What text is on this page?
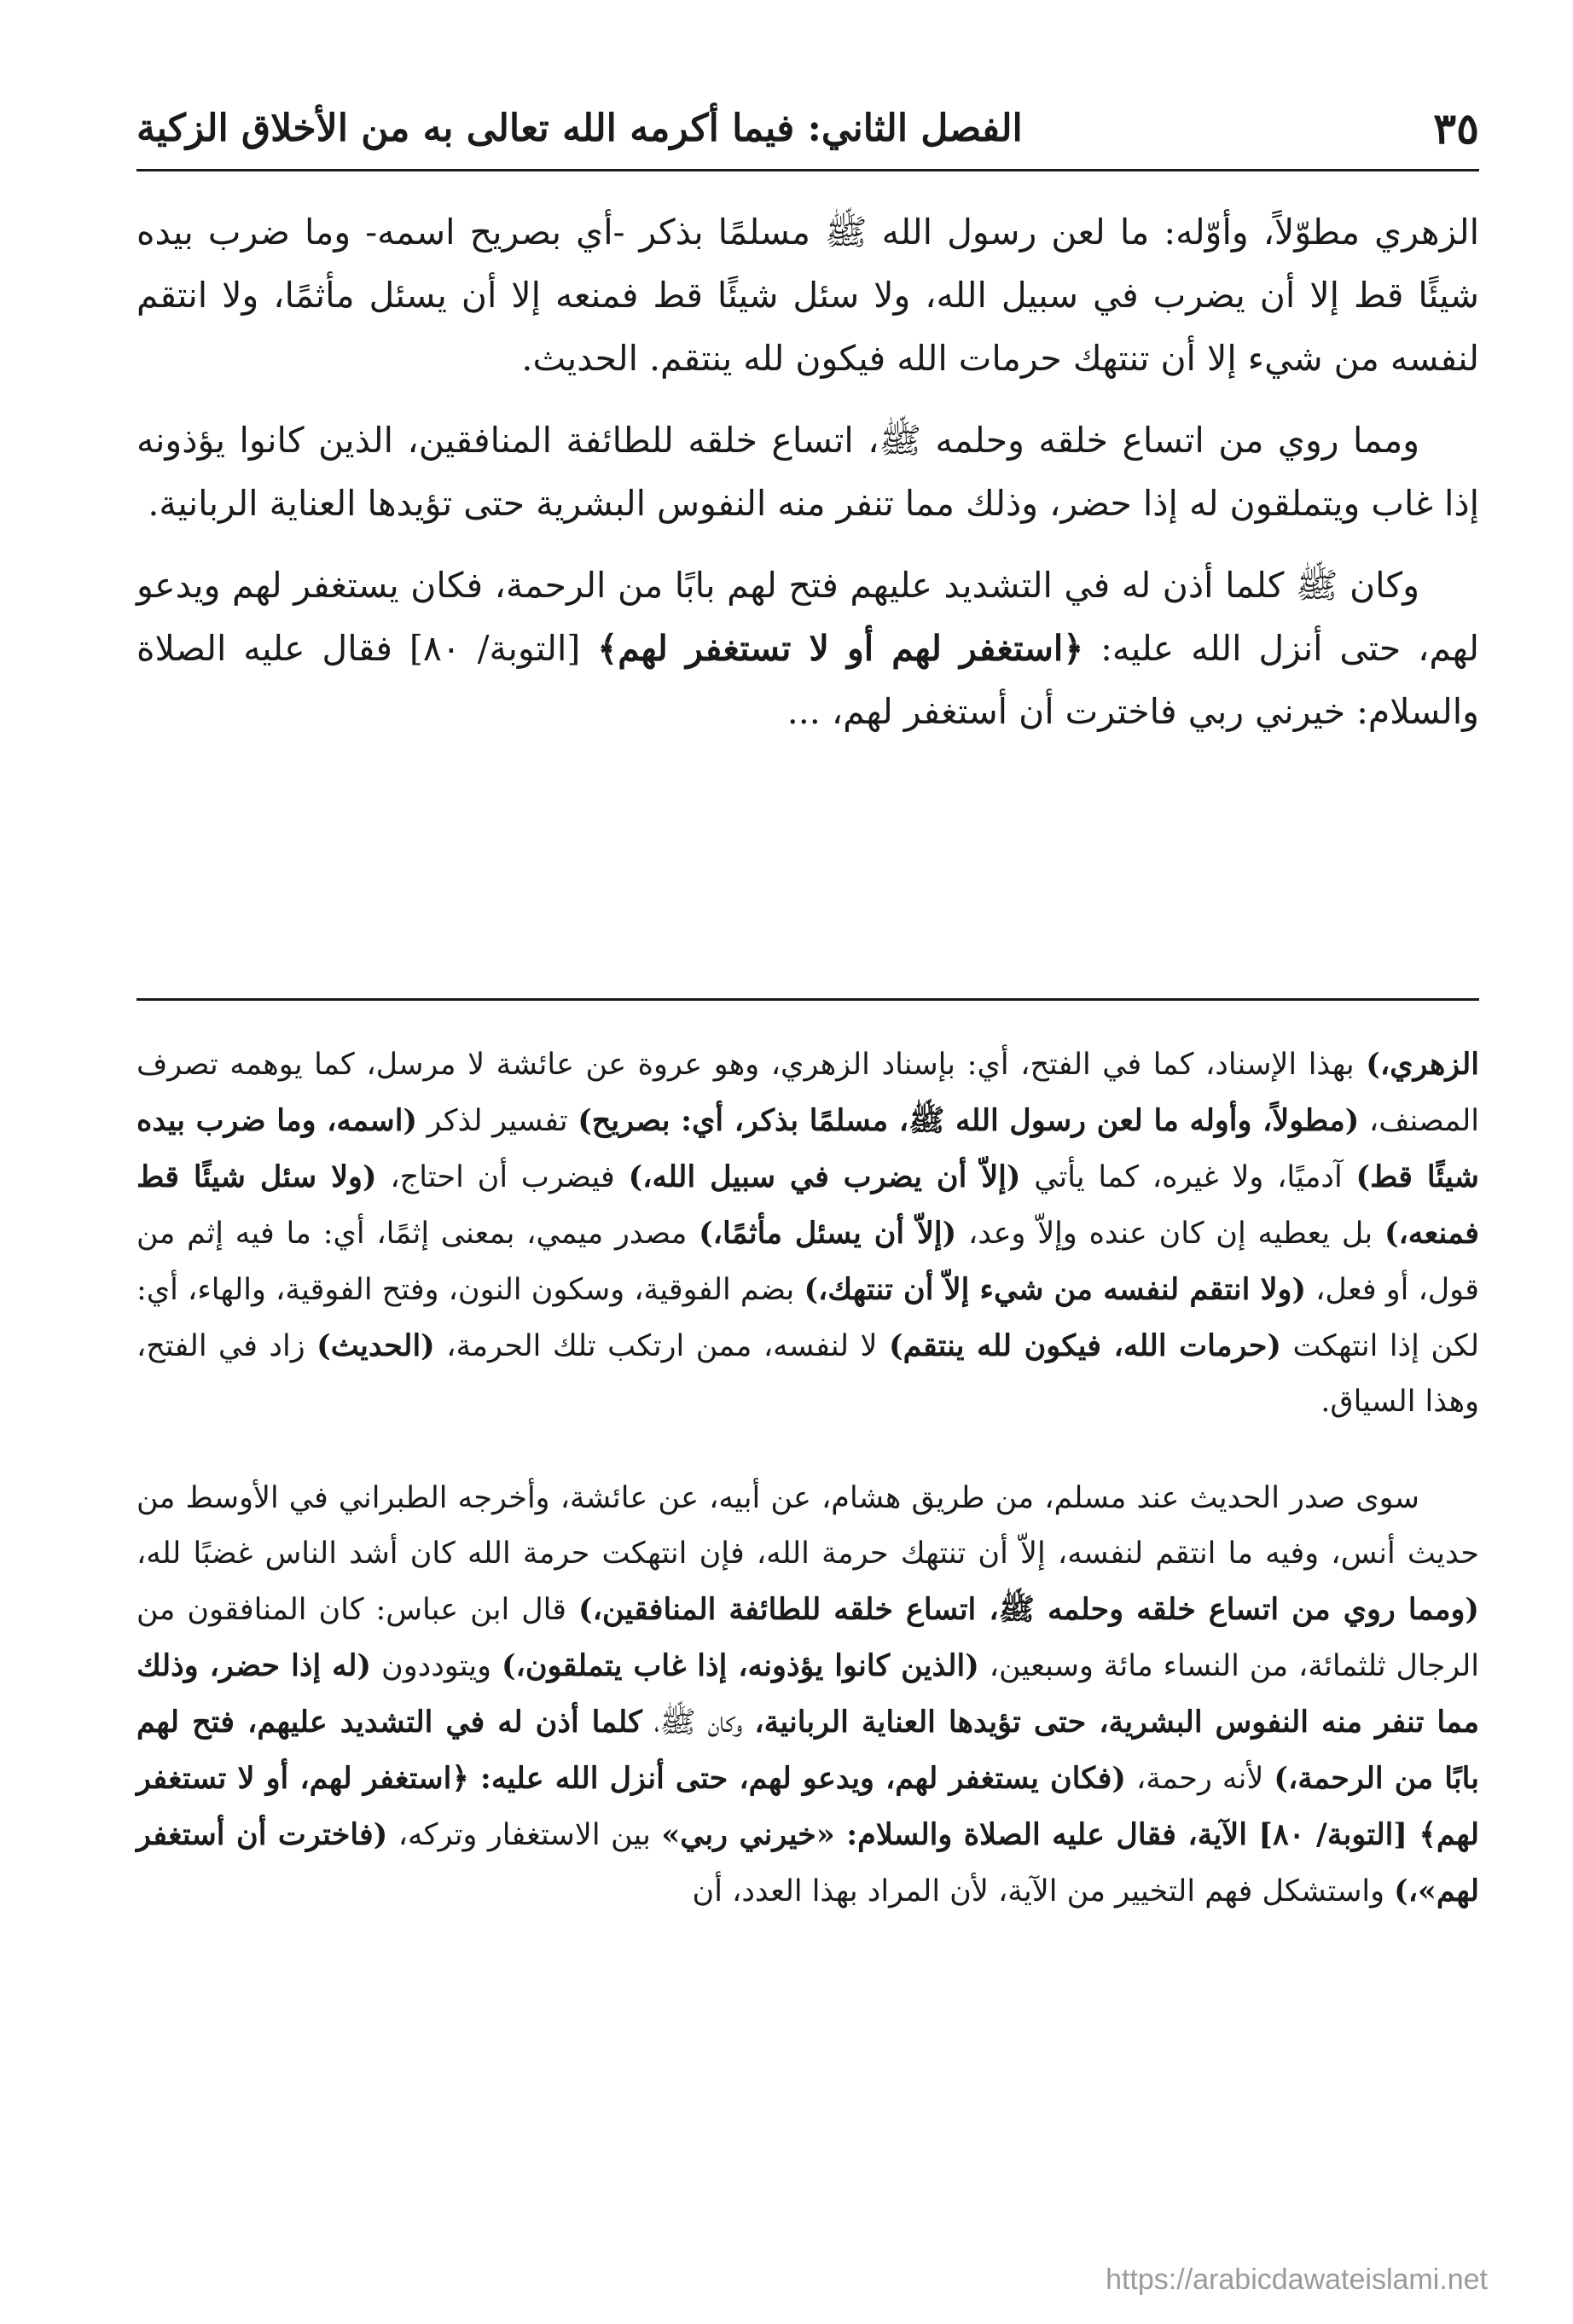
الفصل الثاني: فيما أكرمه الله تعالى به من الأخلاق الزكية	٣٥

الزهري مطوّلاً، وأوّله: ما لعن رسول الله ﷺ مسلمًا بذكر -أي بصريح اسمه- وما ضرب بيده شيئًا قط إلا أن يضرب في سبيل الله، ولا سئل شيئًا قط فمنعه إلا أن يسئل مأثمًا، ولا انتقم لنفسه من شيء إلا أن تنتهك حرمات الله فيكون لله ينتقم. الحديث.

ومما روي من اتساع خلقه وحلمه ﷺ، اتساع خلقه للطائفة المنافقين، الذين كانوا يؤذونه إذا غاب ويتملقون له إذا حضر، وذلك مما تنفر منه النفوس البشرية حتى تؤيدها العناية الربانية.

وكان ﷺ كلما أذن له في التشديد عليهم فتح لهم بابًا من الرحمة، فكان يستغفر لهم ويدعو لهم، حتى أنزل الله عليه: ﴿استغفر لهم أو لا تستغفر لهم﴾ [التوبة/ ٨٠] فقال عليه الصلاة والسلام: خيرني ربي فاخترت أن أستغفر لهم، ...

الزهري،) بهذا الإسناد، كما في الفتح، أي: بإسناد الزهري، وهو عروة عن عائشة لا مرسل، كما يوهمه تصرف المصنف، (مطولاً، وأوله ما لعن رسول الله ﷺ، مسلمًا بذكر، أي: بصريح) تفسير لذكر (اسمه، وما ضرب بيده شيئًا قط) آدميًا، ولا غيره، كما يأتي (إلاّ أن يضرب في سبيل الله،) فيضرب أن احتاج، (ولا سئل شيئًا قط فمنعه،) بل يعطيه إن كان عنده وإلاّ وعد، (إلاّ أن يسئل مأثمًا،) مصدر ميمي، بمعنى إثمًا، أي: ما فيه إثم من قول، أو فعل، (ولا انتقم لنفسه من شيء إلاّ أن تنتهك،) بضم الفوقية، وسكون النون، وفتح الفوقية، والهاء، أي: لكن إذا انتهكت (حرمات الله، فيكون لله ينتقم) لا لنفسه، ممن ارتكب تلك الحرمة، (الحديث) زاد في الفتح، وهذا السياق.

سوى صدر الحديث عند مسلم، من طريق هشام، عن أبيه، عن عائشة، وأخرجه الطبراني في الأوسط من حديث أنس، وفيه ما انتقم لنفسه، إلاّ أن تنتهك حرمة الله، فإن انتهكت حرمة الله كان أشد الناس غضبًا لله، (ومما روي من اتساع خلقه وحلمه ﷺ، اتساع خلقه للطائفة المنافقين،) قال ابن عباس: كان المنافقون من الرجال ثلثمائة، من النساء مائة وسبعين، (الذين كانوا يؤذونه، إذا غاب يتملقون،) ويتوددون (له إذا حضر، وذلك مما تنفر منه النفوس البشرية، حتى تؤيدها العناية الربانية، وكان ﷺ، كلما أذن له في التشديد عليهم، فتح لهم بابًا من الرحمة،) لأنه رحمة، (فكان يستغفر لهم، ويدعو لهم، حتى أنزل الله عليه: ﴿استغفر لهم، أو لا تستغفر لهم﴾ [التوبة/ ٨٠] الآية، فقال عليه الصلاة والسلام: «خيرني ربي» بين الاستغفار وتركه، (فاخترت أن أستغفر لهم»،) واستشكل فهم التخيير من الآية، لأن المراد بهذا العدد، أن

https://arabicdawateislami.net
